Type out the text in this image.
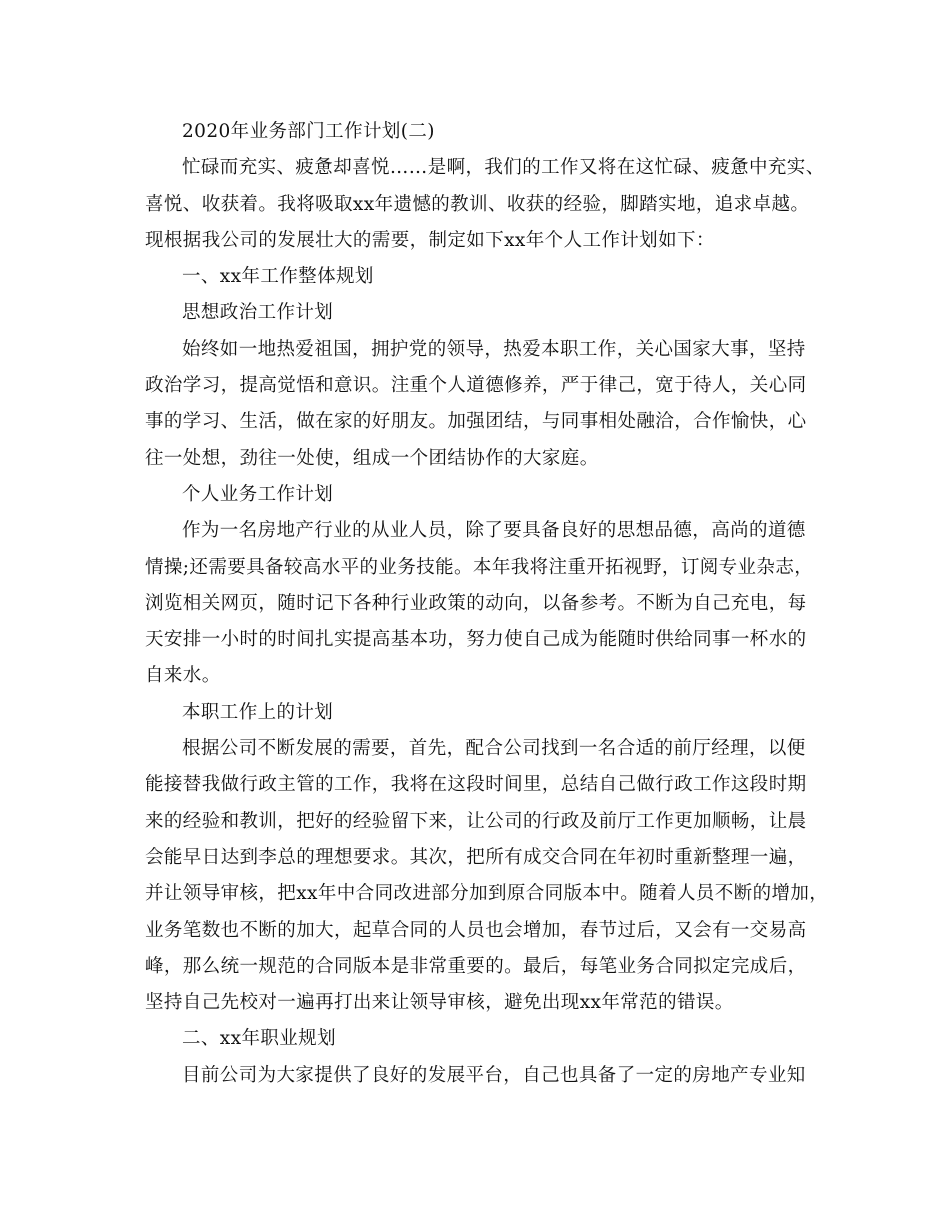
2020年业务部门工作计划(二)
忙碌而充实、疲惫却喜悦……是啊，我们的工作又将在这忙碌、疲惫中充实、
喜悦、收获着。我将吸取xx年遗憾的教训、收获的经验，脚踏实地，追求卓越。
现根据我公司的发展壮大的需要，制定如下xx年个人工作计划如下：
一、xx年工作整体规划
思想政治工作计划
始终如一地热爱祖国，拥护党的领导，热爱本职工作，关心国家大事，坚持
政治学习，提高觉悟和意识。注重个人道德修养，严于律己，宽于待人，关心同
事的学习、生活，做在家的好朋友。加强团结，与同事相处融洽，合作愉快，心
往一处想，劲往一处使，组成一个团结协作的大家庭。
个人业务工作计划
作为一名房地产行业的从业人员，除了要具备良好的思想品德，高尚的道德
情操;还需要具备较高水平的业务技能。本年我将注重开拓视野，订阅专业杂志，
浏览相关网页，随时记下各种行业政策的动向，以备参考。不断为自己充电，每
天安排一小时的时间扎实提高基本功，努力使自己成为能随时供给同事一杯水的
自来水。
本职工作上的计划
根据公司不断发展的需要，首先，配合公司找到一名合适的前厅经理，以便
能接替我做行政主管的工作，我将在这段时间里，总结自己做行政工作这段时期
来的经验和教训，把好的经验留下来，让公司的行政及前厅工作更加顺畅，让晨
会能早日达到李总的理想要求。其次，把所有成交合同在年初时重新整理一遍，
并让领导审核，把xx年中合同改进部分加到原合同版本中。随着人员不断的增加，
业务笔数也不断的加大，起草合同的人员也会增加，春节过后，又会有一交易高
峰，那么统一规范的合同版本是非常重要的。最后，每笔业务合同拟定完成后，
坚持自己先校对一遍再打出来让领导审核，避免出现xx年常范的错误。
二、xx年职业规划
目前公司为大家提供了良好的发展平台，自己也具备了一定的房地产专业知
